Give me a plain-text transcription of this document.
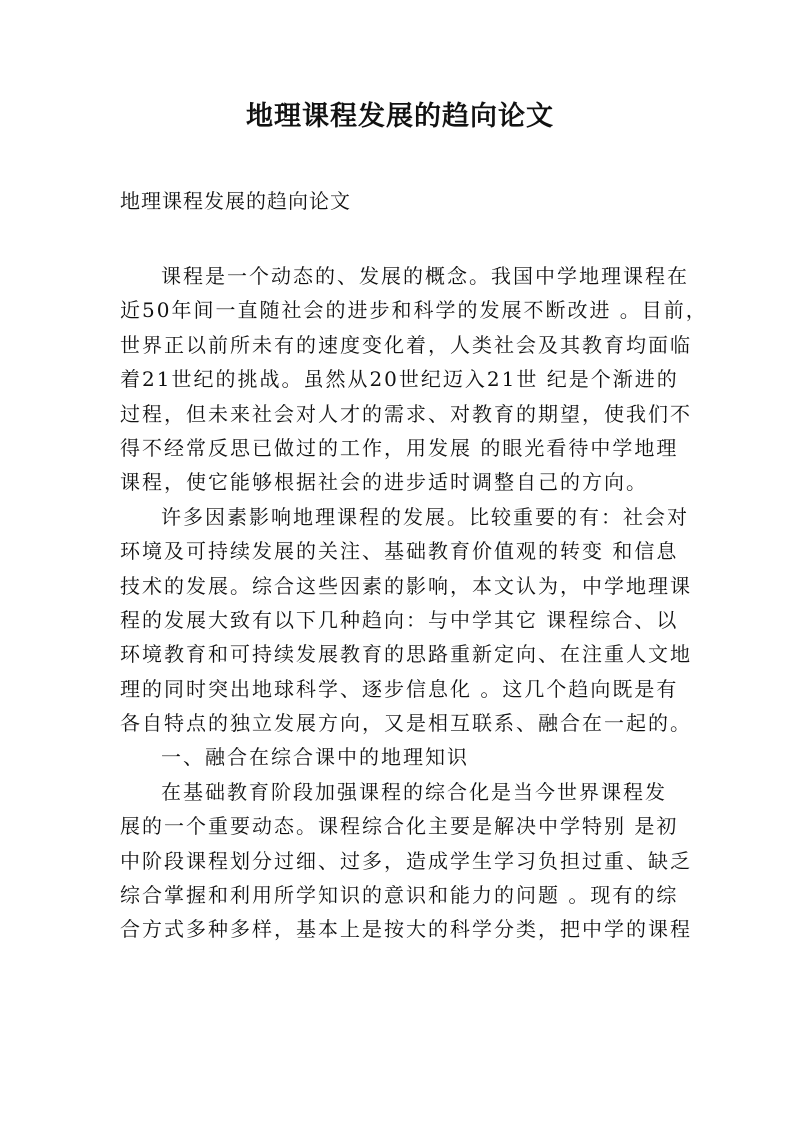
地理课程发展的趋向论文
地理课程发展的趋向论文
课程是一个动态的、发展的概念。我国中学地理课程在
近50年间一直随社会的进步和科学的发展不断改进 。目前，
世界正以前所未有的速度变化着，人类社会及其教育均面临
着21世纪的挑战。虽然从20世纪迈入21世 纪是个渐进的
过程，但未来社会对人才的需求、对教育的期望，使我们不
得不经常反思已做过的工作，用发展 的眼光看待中学地理
课程，使它能够根据社会的进步适时调整自己的方向。
许多因素影响地理课程的发展。比较重要的有：社会对
环境及可持续发展的关注、基础教育价值观的转变 和信息
技术的发展。综合这些因素的影响，本文认为，中学地理课
程的发展大致有以下几种趋向：与中学其它 课程综合、以
环境教育和可持续发展教育的思路重新定向、在注重人文地
理的同时突出地球科学、逐步信息化 。这几个趋向既是有
各自特点的独立发展方向，又是相互联系、融合在一起的。
一、融合在综合课中的地理知识
在基础教育阶段加强课程的综合化是当今世界课程发
展的一个重要动态。课程综合化主要是解决中学特别 是初
中阶段课程划分过细、过多，造成学生学习负担过重、缺乏
综合掌握和利用所学知识的意识和能力的问题 。现有的综
合方式多种多样，基本上是按大的科学分类，把中学的课程
